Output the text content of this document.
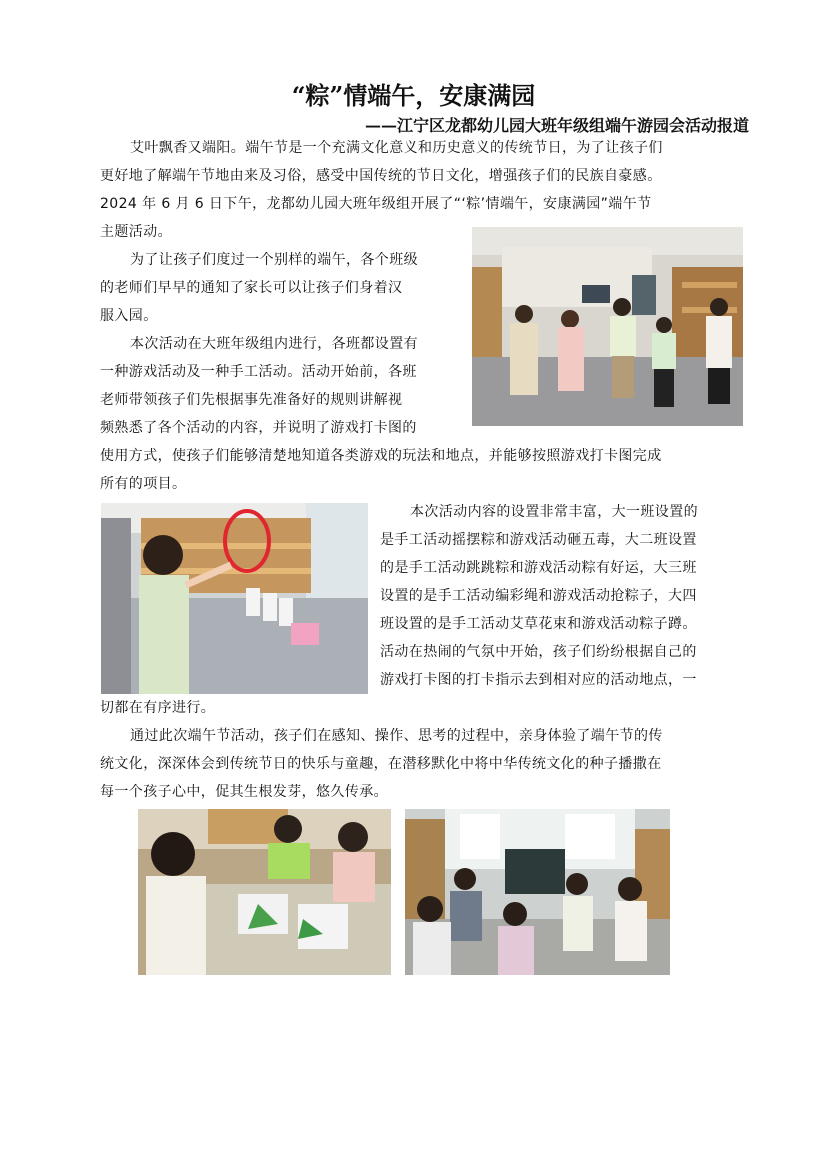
“粽”情端午，安康满园
——江宁区龙都幼儿园大班年级组端午游园会活动报道
艾叶飘香又端阳。端午节是一个充满文化意义和历史意义的传统节日，为了让孩子们
更好地了解端午节地由来及习俗，感受中国传统的节日文化，增强孩子们的民族自豪感。
2024 年 6 月 6 日下午，龙都幼儿园大班年级组开展了“‘粽’情端午，安康满园”端午节
主题活动。
为了让孩子们度过一个别样的端午，各个班级
的老师们早早的通知了家长可以让孩子们身着汉
服入园。
本次活动在大班年级组内进行，各班都设置有
一种游戏活动及一种手工活动。活动开始前，各班
老师带领孩子们先根据事先准备好的规则讲解视
频熟悉了各个活动的内容，并说明了游戏打卡图的
使用方式，使孩子们能够清楚地知道各类游戏的玩法和地点，并能够按照游戏打卡图完成
所有的项目。
本次活动内容的设置非常丰富，大一班设置的
是手工活动摇摆粽和游戏活动砸五毒，大二班设置
的是手工活动跳跳粽和游戏活动粽有好运，大三班
设置的是手工活动编彩绳和游戏活动抢粽子，大四
班设置的是手工活动艾草花束和游戏活动粽子蹲。
活动在热闹的气氛中开始，孩子们纷纷根据自己的
游戏打卡图的打卡指示去到相对应的活动地点，一
切都在有序进行。
通过此次端午节活动，孩子们在感知、操作、思考的过程中，亲身体验了端午节的传
统文化，深深体会到传统节日的快乐与童趣，在潜移默化中将中华传统文化的种子播撒在
每一个孩子心中，促其生根发芽，悠久传承。
